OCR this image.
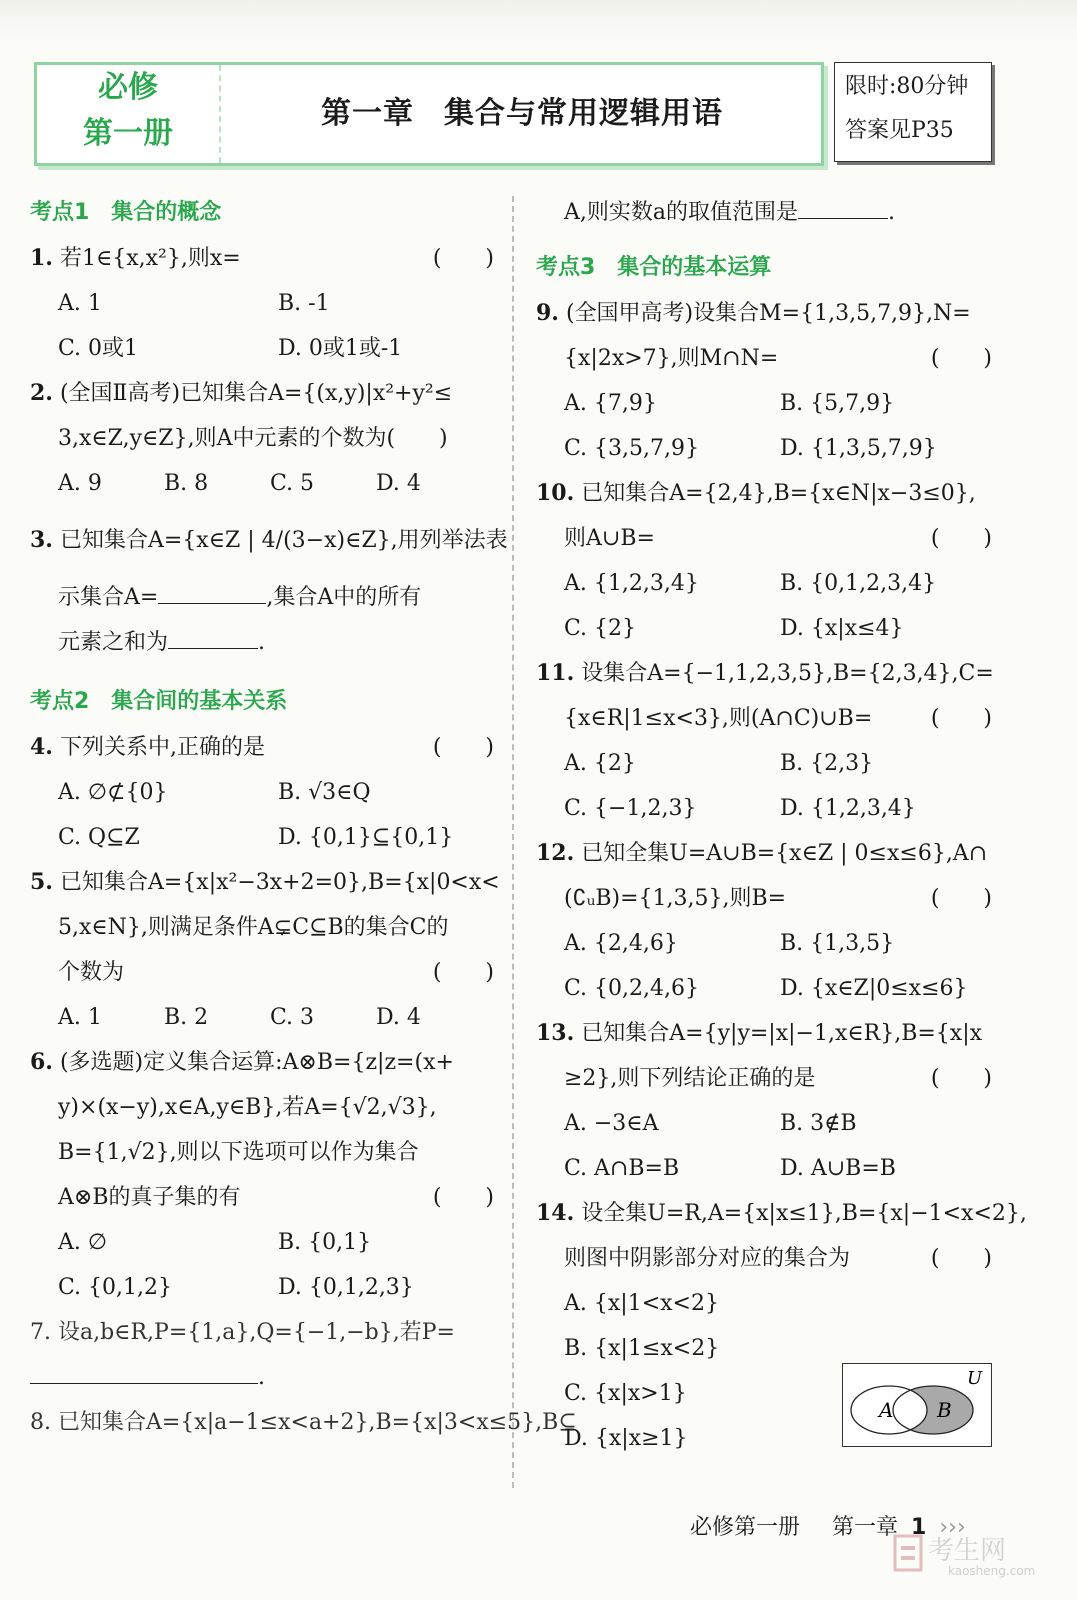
必修
第一册
第一章 集合与常用逻辑用语
限时:80分钟
答案见P35
考点1　集合的概念
1. 若1∈{x,x²},则x=	(　　)
A. 1	B. -1
C. 0或1	D. 0或1或-1
2. (全国Ⅱ高考)已知集合A={(x,y)|x²+y²≤
3,x∈Z,y∈Z},则A中元素的个数为(　　)
A. 9	B. 8	C. 5	D. 4
3. 已知集合A={x∈Z | 4/(3−x)∈Z},用列举法表
示集合A=	,集合A中的所有
元素之和为	.
考点2　集合间的基本关系
4. 下列关系中,正确的是	(　　)
A. ∅⊄{0}	B. √3∈Q
C. Q⊆Z	D. {0,1}⊆{0,1}
5. 已知集合A={x|x²−3x+2=0},B={x|0<x<
5,x∈N},则满足条件A⊊C⊆B的集合C的
个数为	(　　)
A. 1	B. 2	C. 3	D. 4
6. (多选题)定义集合运算:A⊗B={z|z=(x+
y)×(x−y),x∈A,y∈B},若A={√2,√3},
B={1,√2},则以下选项可以作为集合
A⊗B的真子集的有	(　　)
A. ∅	B. {0,1}
C. {0,1,2}	D. {0,1,2,3}
7. 设a,b∈R,P={1,a},Q={−1,−b},若P=
.
8. 已知集合A={x|a−1≤x<a+2},B={x|3<x≤5},B⊆
A,则实数a的取值范围是	.
考点3　集合的基本运算
9. (全国甲高考)设集合M={1,3,5,7,9},N=
{x|2x>7},则M∩N=	(　　)
A. {7,9}	B. {5,7,9}
C. {3,5,7,9}	D. {1,3,5,7,9}
10. 已知集合A={2,4},B={x∈N|x−3≤0},
则A∪B=	(　　)
A. {1,2,3,4}	B. {0,1,2,3,4}
C. {2}	D. {x|x≤4}
11. 设集合A={−1,1,2,3,5},B={2,3,4},C=
{x∈R|1≤x<3},则(A∩C)∪B=	(　　)
A. {2}	B. {2,3}
C. {−1,2,3}	D. {1,2,3,4}
12. 已知全集U=A∪B={x∈Z | 0≤x≤6},A∩
(∁ᵤB)={1,3,5},则B=	(　　)
A. {2,4,6}	B. {1,3,5}
C. {0,2,4,6}	D. {x∈Z|0≤x≤6}
13. 已知集合A={y|y=|x|−1,x∈R},B={x|x
≥2},则下列结论正确的是	(　　)
A. −3∈A	B. 3∉B
C. A∩B=B	D. A∪B=B
14. 设全集U=R,A={x|x≤1},B={x|−1<x<2},
则图中阴影部分对应的集合为	(　　)
A. {x|1<x<2}
B. {x|1≤x<2}
C. {x|x>1}
D. {x|x≥1}
A B
U
必修第一册 第一章 1 ›››
考生网
kaosheng.com
